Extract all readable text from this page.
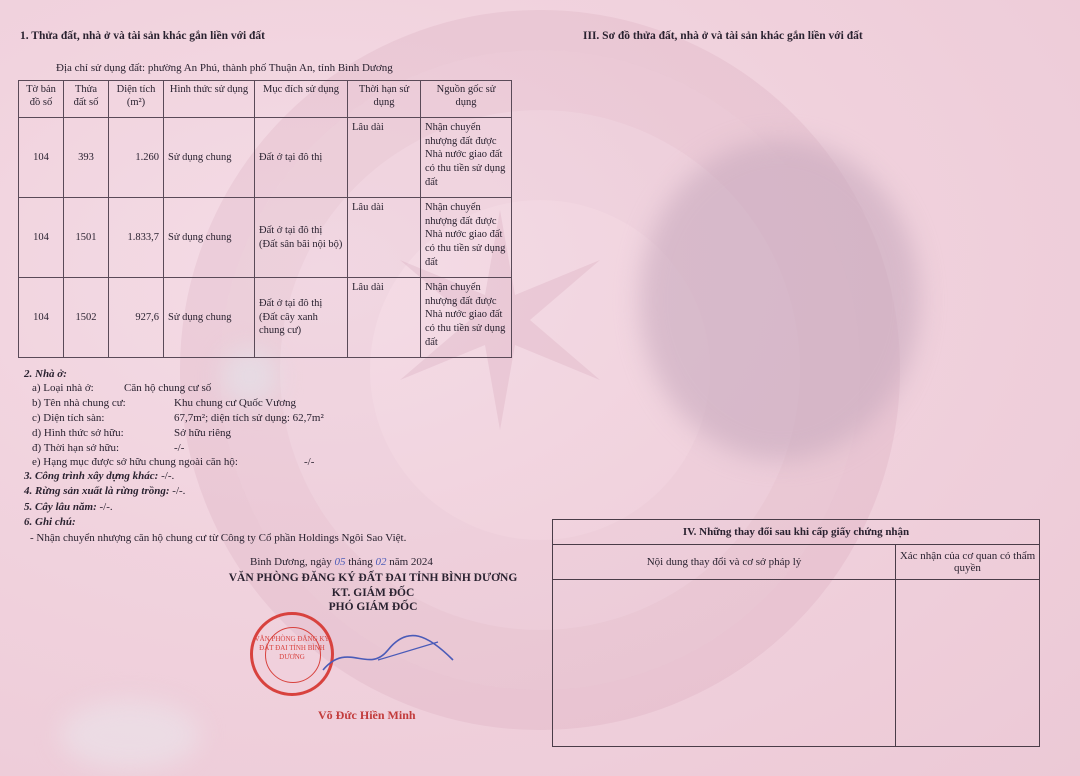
1. Thửa đất, nhà ở và tài sản khác gắn liền với đất	III. Sơ đồ thửa đất, nhà ở và tài sản khác gắn liền với đất
Địa chỉ sử dụng đất: phường An Phú, thành phố Thuận An, tỉnh Bình Dương
Tờ bản đồ số	Thửa đất số	Diện tích (m²)	Hình thức sử dụng	Mục đích sử dụng	Thời hạn sử dụng	Nguồn gốc sử dụng
104	393	1.260	Sử dụng chung	Đất ở tại đô thị	Lâu dài	Nhận chuyển nhượng đất được Nhà nước giao đất có thu tiền sử dụng đất
104	1501	1.833,7	Sử dụng chung	Đất ở tại đô thị (Đất sân bãi nội bộ)	Lâu dài	Nhận chuyển nhượng đất được Nhà nước giao đất có thu tiền sử dụng đất
104	1502	927,6	Sử dụng chung	Đất ở tại đô thị (Đất cây xanh chung cư)	Lâu dài	Nhận chuyển nhượng đất được Nhà nước giao đất có thu tiền sử dụng đất
2. Nhà ở:
a) Loại nhà ở:	Căn hộ chung cư số
b) Tên nhà chung cư:	Khu chung cư Quốc Vương
c) Diện tích sàn:	67,7m²; diện tích sử dụng: 62,7m²
d) Hình thức sở hữu:	Sở hữu riêng
đ) Thời hạn sở hữu:	-/-
e) Hạng mục được sở hữu chung ngoài căn hộ:	-/-
3. Công trình xây dựng khác: -/-.
4. Rừng sản xuất là rừng trồng: -/-.
5. Cây lâu năm: -/-.
6. Ghi chú:
- Nhận chuyển nhượng căn hộ chung cư từ Công ty Cổ phần Holdings Ngôi Sao Việt.
Bình Dương, ngày 05 tháng 02 năm 2024
VĂN PHÒNG ĐĂNG KÝ ĐẤT ĐAI TỈNH BÌNH DƯƠNG
KT. GIÁM ĐỐC
PHÓ GIÁM ĐỐC
VĂN PHÒNG ĐĂNG KÝ ĐẤT ĐAI TỈNH BÌNH DƯƠNG
Võ Đức Hiền Minh
IV. Những thay đổi sau khi cấp giấy chứng nhận	
Nội dung thay đổi và cơ sở pháp lý	Xác nhận của cơ quan có thẩm quyền
